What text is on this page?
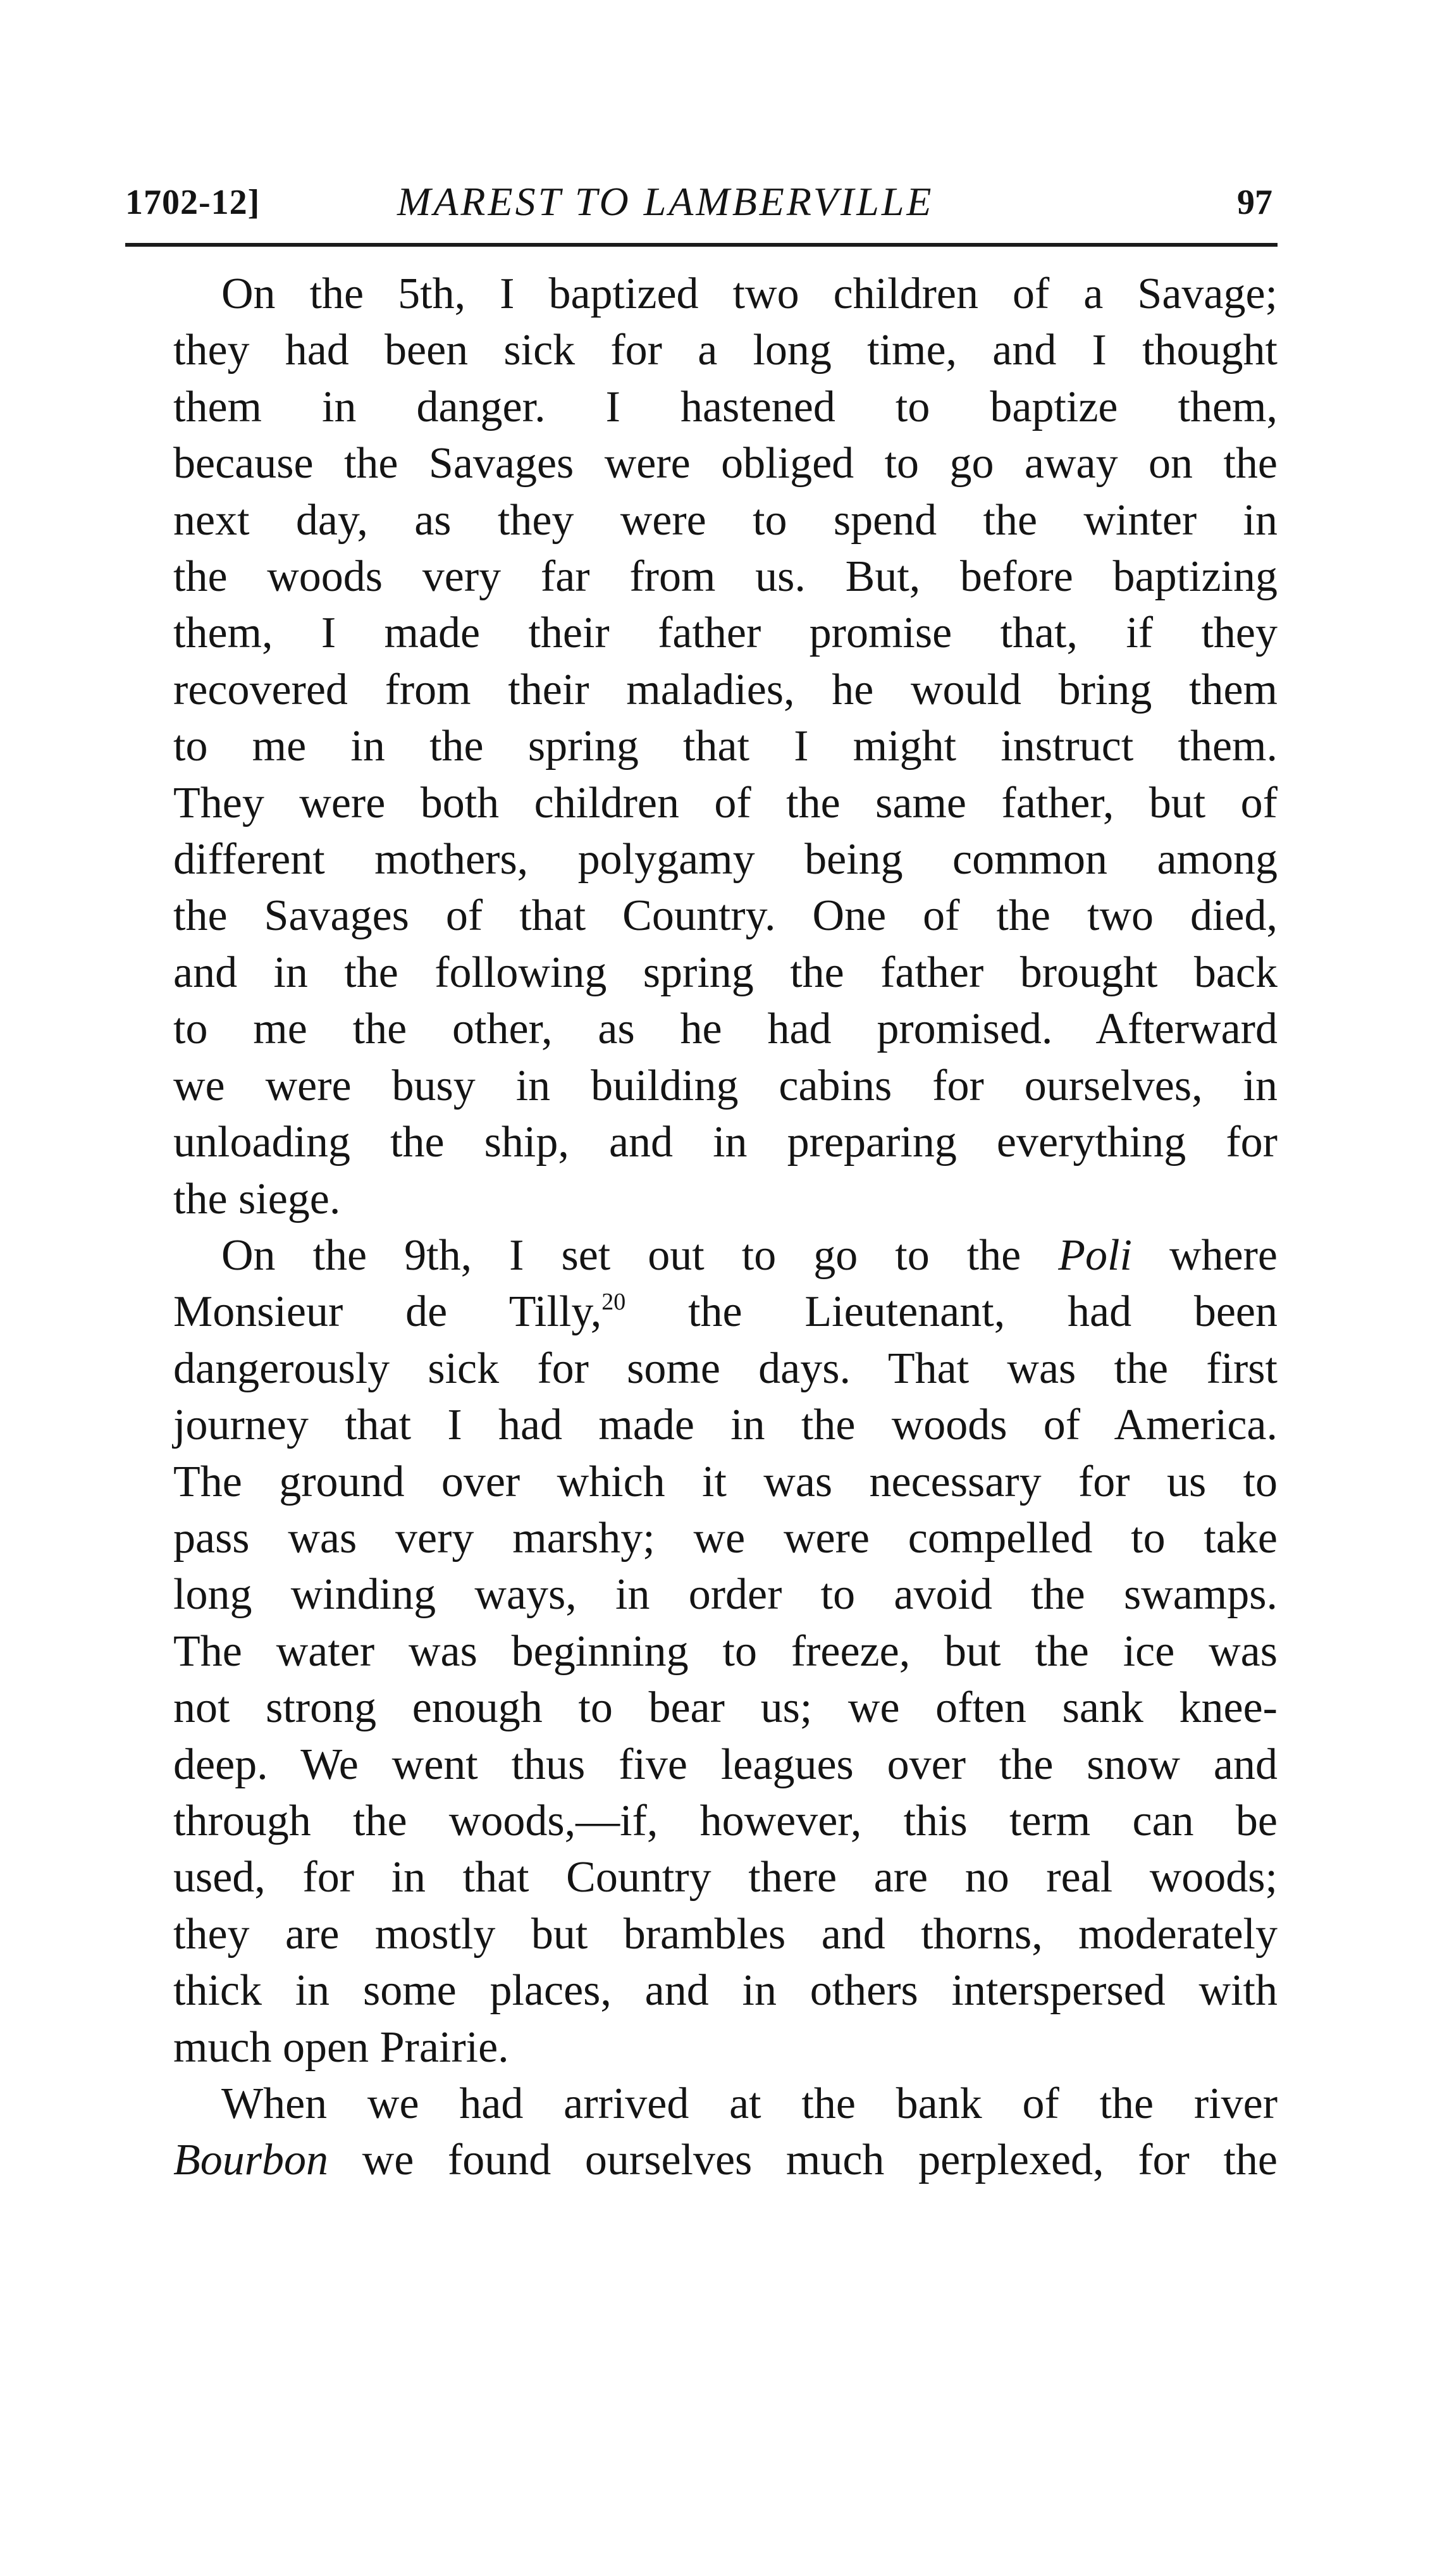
1702-12]	MAREST TO LAMBERVILLE	97
On the 5th, I baptized two children of a Savage;
they had been sick for a long time, and I thought
them in danger. I hastened to baptize them,
because the Savages were obliged to go away on the
next day, as they were to spend the winter in
the woods very far from us. But, before baptizing
them, I made their father promise that, if they
recovered from their maladies, he would bring them
to me in the spring that I might instruct them.
They were both children of the same father, but of
different mothers, polygamy being common among
the Savages of that Country. One of the two died,
and in the following spring the father brought back
to me the other, as he had promised. Afterward
we were busy in building cabins for ourselves, in
unloading the ship, and in preparing everything for
the siege.
On the 9th, I set out to go to the Poli where
Monsieur de Tilly,$^{20}$ the Lieutenant, had been
dangerously sick for some days. That was the first
journey that I had made in the woods of America.
The ground over which it was necessary for us to
pass was very marshy; we were compelled to take
long winding ways, in order to avoid the swamps.
The water was beginning to freeze, but the ice was
not strong enough to bear us; we often sank knee-
deep. We went thus five leagues over the snow and
through the woods,—if, however, this term can be
used, for in that Country there are no real woods;
they are mostly but brambles and thorns, moderately
thick in some places, and in others interspersed with
much open Prairie.
When we had arrived at the bank of the river
Bourbon we found ourselves much perplexed, for the
